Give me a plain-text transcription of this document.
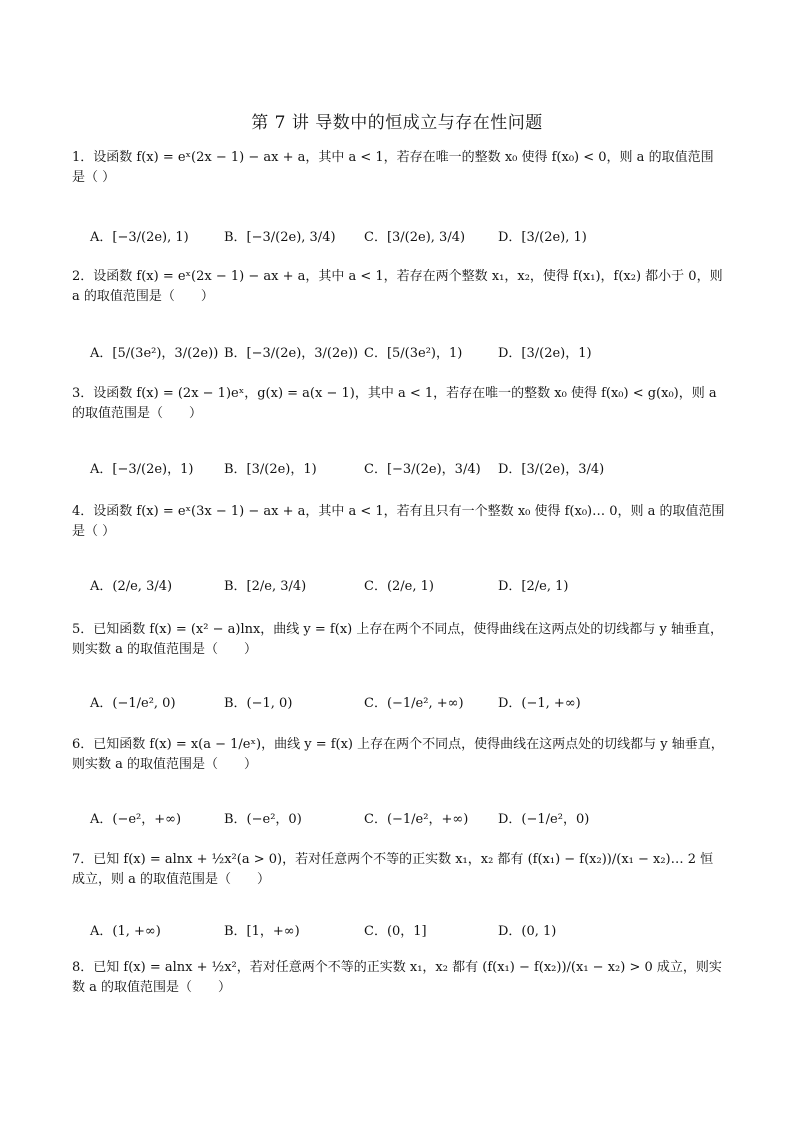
第 7 讲 导数中的恒成立与存在性问题
1．设函数 f(x) = eˣ(2x − 1) − ax + a，其中 a < 1，若存在唯一的整数 x₀ 使得 f(x₀) < 0，则 a 的取值范围是（ ）
A．[−3/(2e), 1)	B．[−3/(2e), 3/4) C．[3/(2e), 3/4)	D．[3/(2e), 1)
2．设函数 f(x) = eˣ(2x − 1) − ax + a，其中 a < 1，若存在两个整数 x₁，x₂，使得 f(x₁)，f(x₂) 都小于 0，则 a 的取值范围是（　　）
A．[5/(3e²)，3/(2e)) B．[−3/(2e)，3/(2e)) C．[5/(3e²)，1)	D．[3/(2e)，1)
3．设函数 f(x) = (2x − 1)eˣ，g(x) = a(x − 1)，其中 a < 1，若存在唯一的整数 x₀ 使得 f(x₀) < g(x₀)，则 a 的取值范围是（　　）
A．[−3/(2e)，1) B．[3/(2e)，1)	C．[−3/(2e)，3/4) D．[3/(2e)，3/4)
4．设函数 f(x) = eˣ(3x − 1) − ax + a，其中 a < 1，若有且只有一个整数 x₀ 使得 f(x₀)… 0，则 a 的取值范围是（ ）
A．(2/e, 3/4)	B．[2/e, 3/4)	C．(2/e, 1)	D．[2/e, 1)
5．已知函数 f(x) = (x² − a)lnx，曲线 y = f(x) 上存在两个不同点，使得曲线在这两点处的切线都与 y 轴垂直，则实数 a 的取值范围是（　　）
A．(−1/e², 0)	B．(−1, 0)	C．(−1/e², +∞)	D．(−1, +∞)
6．已知函数 f(x) = x(a − 1/eˣ)，曲线 y = f(x) 上存在两个不同点，使得曲线在这两点处的切线都与 y 轴垂直，则实数 a 的取值范围是（　　）
A．(−e²，+∞)	B．(−e²，0)	C．(−1/e²，+∞) D．(−1/e²，0)
7．已知 f(x) = alnx + ½x²(a > 0)，若对任意两个不等的正实数 x₁，x₂ 都有 (f(x₁) − f(x₂))/(x₁ − x₂)… 2 恒成立，则 a 的取值范围是（　　）
A．(1, +∞)	B．[1，+∞)	C．(0，1]	D．(0, 1)
8．已知 f(x) = alnx + ½x²，若对任意两个不等的正实数 x₁，x₂ 都有 (f(x₁) − f(x₂))/(x₁ − x₂) > 0 成立，则实数 a 的取值范围是（　　）
